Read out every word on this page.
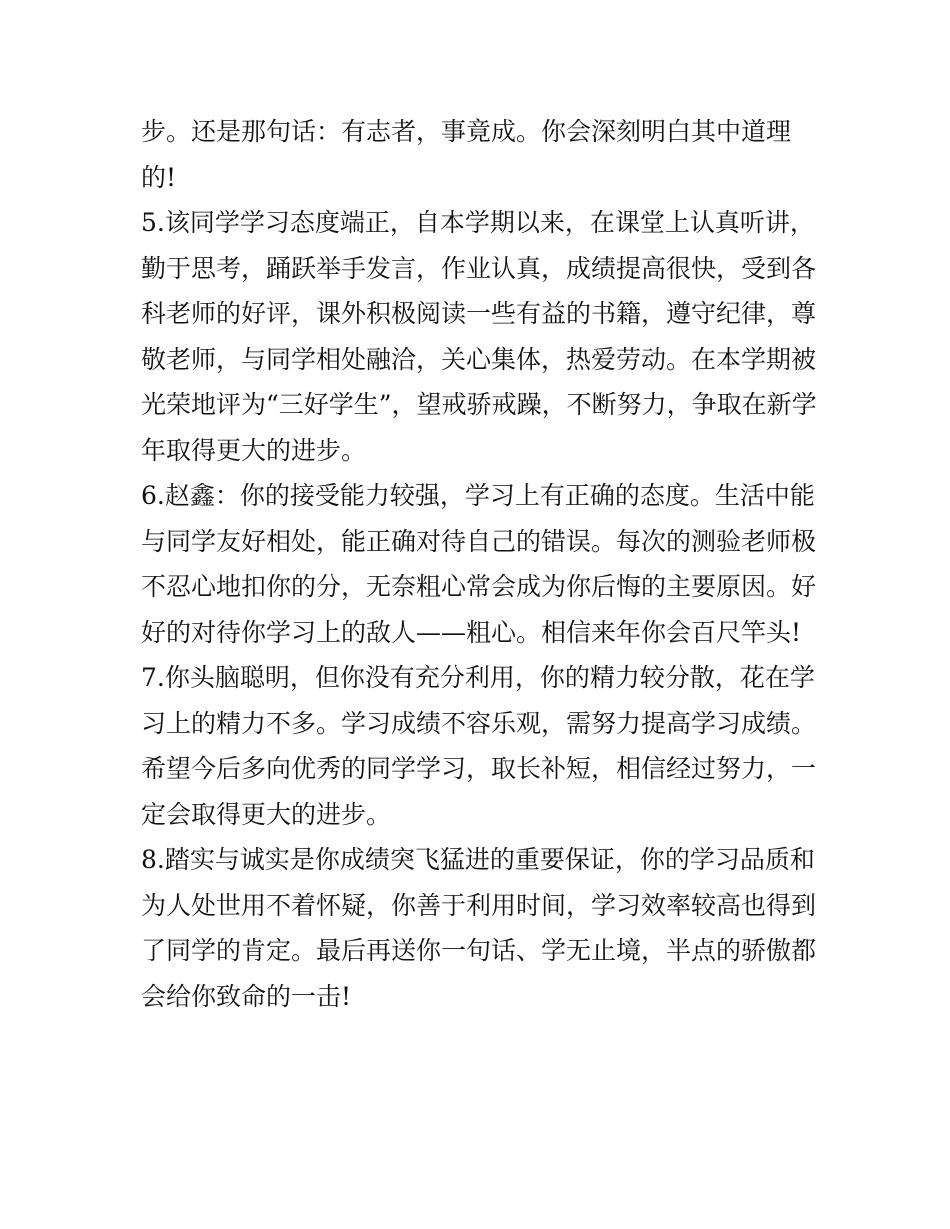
步。还是那句话：有志者，事竟成。你会深刻明白其中道理
的!
5.该同学学习态度端正，自本学期以来，在课堂上认真听讲，
勤于思考，踊跃举手发言，作业认真，成绩提高很快，受到各
科老师的好评，课外积极阅读一些有益的书籍，遵守纪律，尊
敬老师，与同学相处融洽，关心集体，热爱劳动。在本学期被
光荣地评为“三好学生”，望戒骄戒躁，不断努力，争取在新学
年取得更大的进步。
6.赵鑫：你的接受能力较强，学习上有正确的态度。生活中能
与同学友好相处，能正确对待自己的错误。每次的测验老师极
不忍心地扣你的分，无奈粗心常会成为你后悔的主要原因。好
好的对待你学习上的敌人——粗心。相信来年你会百尺竿头!
7.你头脑聪明，但你没有充分利用，你的精力较分散，花在学
习上的精力不多。学习成绩不容乐观，需努力提高学习成绩。
希望今后多向优秀的同学学习，取长补短，相信经过努力，一
定会取得更大的进步。
8.踏实与诚实是你成绩突飞猛进的重要保证，你的学习品质和
为人处世用不着怀疑，你善于利用时间，学习效率较高也得到
了同学的肯定。最后再送你一句话、学无止境，半点的骄傲都
会给你致命的一击!
